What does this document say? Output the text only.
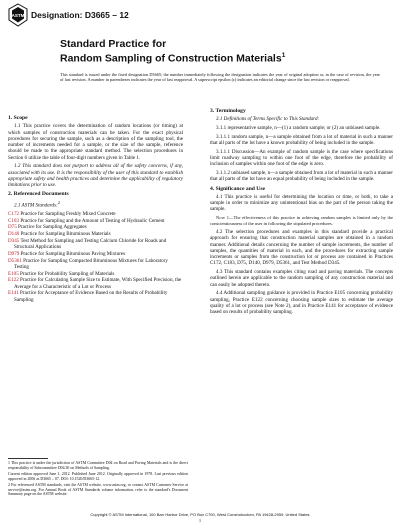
ASTM Designation: D3665 – 12
Standard Practice for
Random Sampling of Construction Materials$^1$
This standard is issued under the fixed designation D3665; the number immediately following the designation indicates the year of original adoption or, in the case of revision, the year of last revision. A number in parentheses indicates the year of last reapproval. A superscript epsilon (ε) indicates an editorial change since the last revision or reapproval.
1. Scope

1.1 This practice covers the determination of random locations (or timing) at which samples of construction materials can be taken. For the exact physical procedures for securing the sample, such as a description of the sampling tool, the number of increments needed for a sample, or the size of the sample, reference should be made to the appropriate standard method. The selection procedures in Section 6 utilize the table of four-digit numbers given in Table 1.

1.2 This standard does not purport to address all of the safety concerns, if any, associated with its use. It is the responsibility of the user of this standard to establish appropriate safety and health practices and determine the applicability of regulatory limitations prior to use.

2. Referenced Documents

2.1 ASTM Standards:$^2$

C172 Practice for Sampling Freshly Mixed Concrete
C183 Practice for Sampling and the Amount of Testing of Hydraulic Cement
D75 Practice for Sampling Aggregates
D140 Practice for Sampling Bituminous Materials
D345 Test Method for Sampling and Testing Calcium Chloride for Roads and Structural Applications
D979 Practice for Sampling Bituminous Paving Mixtures
D5361 Practice for Sampling Compacted Bituminous Mixtures for Laboratory Testing
E105 Practice for Probability Sampling of Materials
E122 Practice for Calculating Sample Size to Estimate, With Specified Precision, the Average for a Characteristic of a Lot or Process
E141 Practice for Acceptance of Evidence Based on the Results of Probability Sampling
3. Terminology

3.1 Definitions of Terms Specific to This Standard:

3.1.1 representative sample, n—(1) a random sample; or (2) an unbiased sample.

3.1.1.1 random sample, n—a sample obtained from a lot of material in such a manner that all parts of the lot have a known probability of being included in the sample.

3.1.1.1 Discussion—An example of random sample is the case where specifications limit roadway sampling to within one foot of the edge, therefore the probability of inclusion of samples within one foot of the edge is zero.

3.1.1.2 unbiased sample, n—a sample obtained from a lot of material in such a manner that all parts of the lot have an equal probability of being included in the sample.

4. Significance and Use

4.1 This practice is useful for determining the location or time, or both, to take a sample in order to minimize any unintentional bias on the part of the person taking the sample.

Note 1—The effectiveness of this practice in achieving random samples is limited only by the conscientiousness of the user in following the stipulated procedures.

4.2 The selection procedures and examples in this standard provide a practical approach for ensuring that construction material samples are obtained in a random manner. Additional details concerning the number of sample increments, the number of samples, the quantities of material in each, and the procedures for extracting sample increments or samples from the construction lot or process are contained in Practices C172, C183, D75, D140, D979, D5361, and Test Method D345.

4.3 This standard contains examples citing road and paving materials. The concepts outlined herein are applicable to the random sampling of any construction material and can easily be adopted thereto.

4.4 Additional sampling guidance is provided in Practice E105 concerning probability sampling, Practice E122 concerning choosing sample sizes to estimate the average quality of a lot or process (see Note 2), and in Practice E141 for acceptance of evidence based on results of probability sampling.

1 This practice is under the jurisdiction of ASTM Committee D04 on Road and Paving Materials and is the direct responsibility of Subcommittee D04.30 on Methods of Sampling.

Current edition approved June 1, 2012. Published June 2012. Originally approved in 1978. Last previous edition approved in 2006 as D3665 – 07. DOI: 10.1520/D3665-12.

2 For referenced ASTM standards, visit the ASTM website, www.astm.org, or contact ASTM Customer Service at service@astm.org. For Annual Book of ASTM Standards volume information, refer to the standard's Document Summary page on the ASTM website.

Copyright © ASTM International, 100 Barr Harbor Drive, PO Box C700, West Conshohocken, PA 19428-2959. United States
1
